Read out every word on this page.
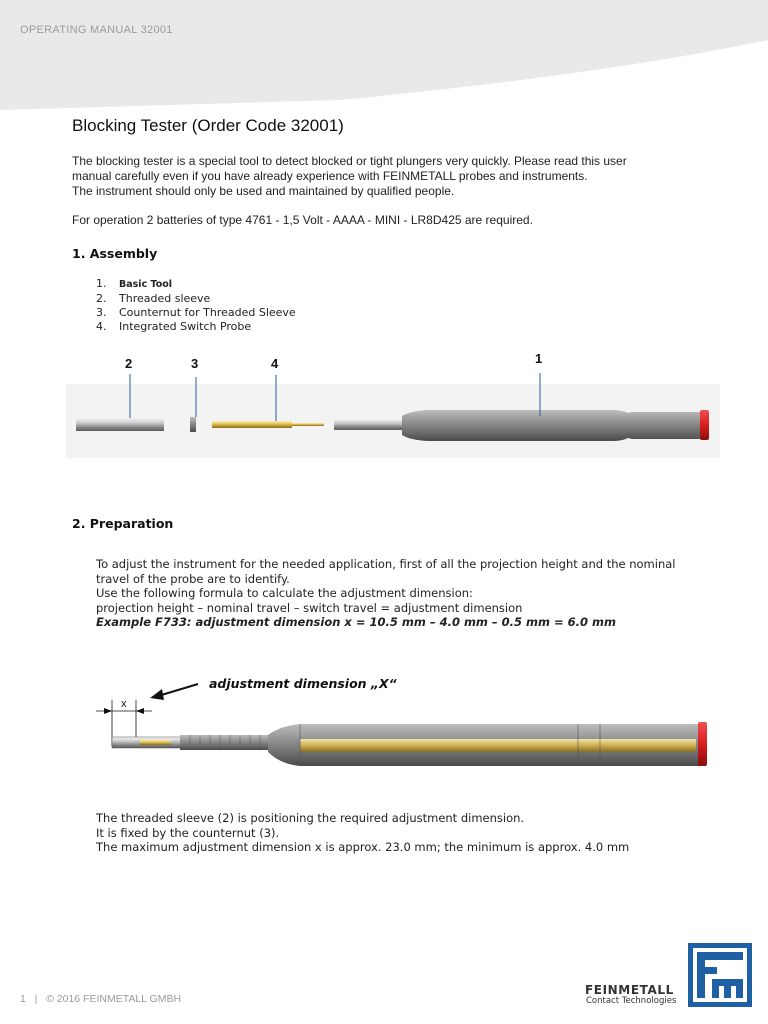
OPERATING MANUAL 32001
Blocking Tester (Order Code 32001)
The blocking tester is a special tool to detect blocked or tight plungers very quickly. Please read this user
manual carefully even if you have already experience with FEINMETALL probes and instruments.
The instrument should only be used and maintained by qualified people.
For operation 2 batteries of type 4761 - 1,5 Volt - AAAA - MINI - LR8D425 are required.
1. Assembly
1. Basic Tool
2. Threaded sleeve
3. Counternut for Threaded Sleeve
4. Integrated Switch Probe
2	3	4	1
2. Preparation
To adjust the instrument for the needed application, first of all the projection height and the nominal
travel of the probe are to identify.
Use the following formula to calculate the adjustment dimension:
projection height – nominal travel – switch travel = adjustment dimension
Example F733: adjustment dimension x = 10.5 mm – 4.0 mm – 0.5 mm = 6.0 mm
adjustment dimension „X“
x
The threaded sleeve (2) is positioning the required adjustment dimension.
It is fixed by the counternut (3).
The maximum adjustment dimension x is approx. 23.0 mm; the minimum is approx. 4.0 mm
1 | © 2016 FEINMETALL GMBH
FEINMETALL
Contact Technologies
